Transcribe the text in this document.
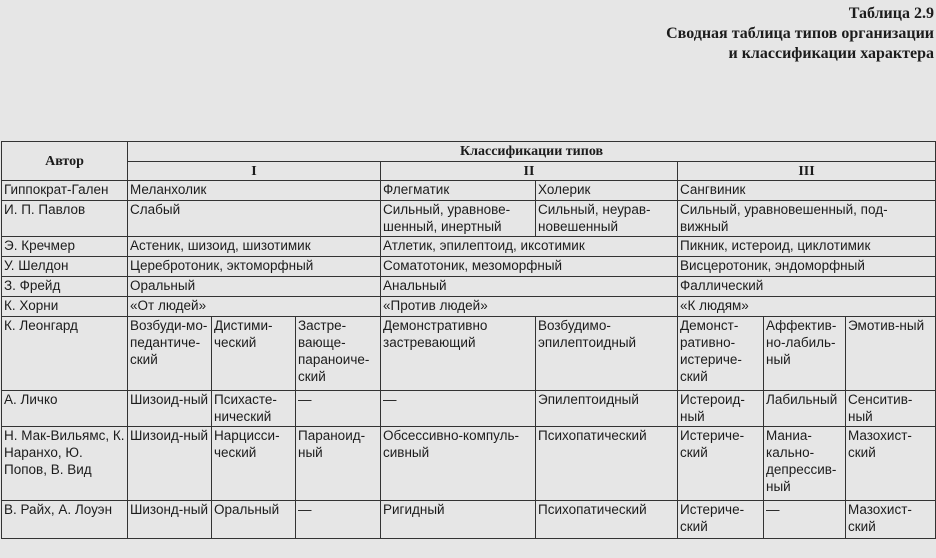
Таблица 2.9
Сводная таблица типов организации
и классификации характера
Автор	Классификации типов							
	I			II		III		
Гиппократ-Гален	Меланхолик			Флегматик	Холерик	Сангвиник		
И. П. Павлов	Слабый			Сильный, уравнове-шенный, инертный	Сильный, неурав-новешенный	Сильный, уравновешенный, под-вижный		
Э. Кречмер	Астеник, шизоид, шизотимик			Атлетик, эпилептоид, иксотимик		Пикник, истероид, циклотимик		
У. Шелдон	Церебротоник, эктоморфный			Соматотоник, мезоморфный		Висцеротоник, эндоморфный		
З. Фрейд	Оральный			Анальный		Фаллический		
К. Хорни	«От людей»			«Против людей»		«К людям»		
К. Леонгард	Возбуди-мо-педантиче-ский	Дистими-ческий	Застре-вающе-параноиче-ский	Демонстративно застревающий	Возбудимо-эпилептоидный	Демонст-ративно-истериче-ский	Аффектив-но-лабиль-ный	Эмотив-ный
А. Личко	Шизоид-ный	Психасте-нический	—	—	Эпилептоидный	Истероид-ный	Лабильный	Сенситив-ный
Н. Мак-Вильямс, К. Наранхо, Ю. Попов, В. Вид	Шизоид-ный	Нарцисси-ческий	Параноид-ный	Обсессивно-компуль-сивный	Психопатический	Истериче-ский	Маниа-кально-депрессив-ный	Мазохист-ский
В. Райх, А. Лоуэн	Шизонд-ный	Оральный	—	Ригидный	Психопатический	Истериче-ский	—	Мазохист-ский
